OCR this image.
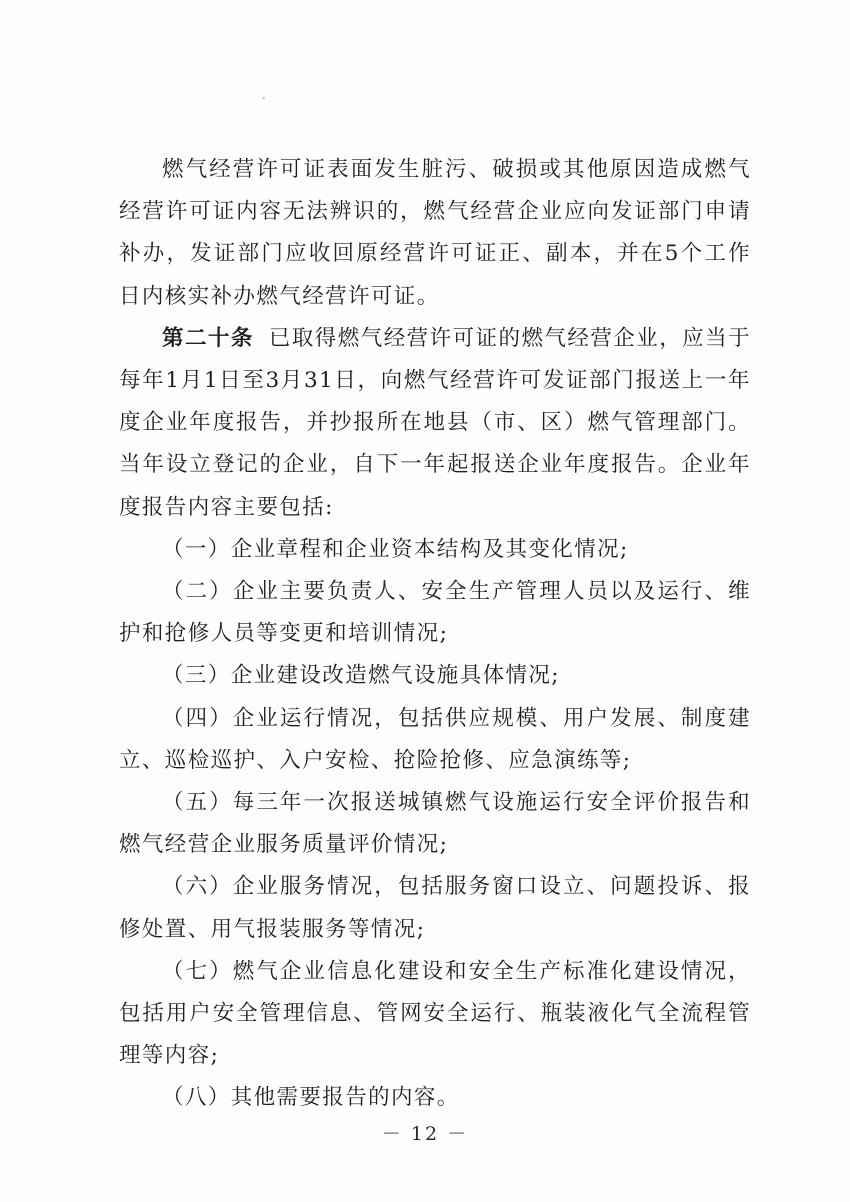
燃气经营许可证表面发生脏污、破损或其他原因造成燃气经营许可证内容无法辨识的，燃气经营企业应向发证部门申请补办，发证部门应收回原经营许可证正、副本，并在5个工作日内核实补办燃气经营许可证。

第二十条 已取得燃气经营许可证的燃气经营企业，应当于每年1月1日至3月31日，向燃气经营许可发证部门报送上一年度企业年度报告，并抄报所在地县（市、区）燃气管理部门。当年设立登记的企业，自下一年起报送企业年度报告。企业年度报告内容主要包括:

（一）企业章程和企业资本结构及其变化情况;

（二）企业主要负责人、安全生产管理人员以及运行、维护和抢修人员等变更和培训情况;

（三）企业建设改造燃气设施具体情况;

（四）企业运行情况，包括供应规模、用户发展、制度建立、巡检巡护、入户安检、抢险抢修、应急演练等;

（五）每三年一次报送城镇燃气设施运行安全评价报告和燃气经营企业服务质量评价情况;

（六）企业服务情况，包括服务窗口设立、问题投诉、报修处置、用气报装服务等情况;

（七）燃气企业信息化建设和安全生产标准化建设情况，包括用户安全管理信息、管网安全运行、瓶装液化气全流程管理等内容;

（八）其他需要报告的内容。

－ 12 －
